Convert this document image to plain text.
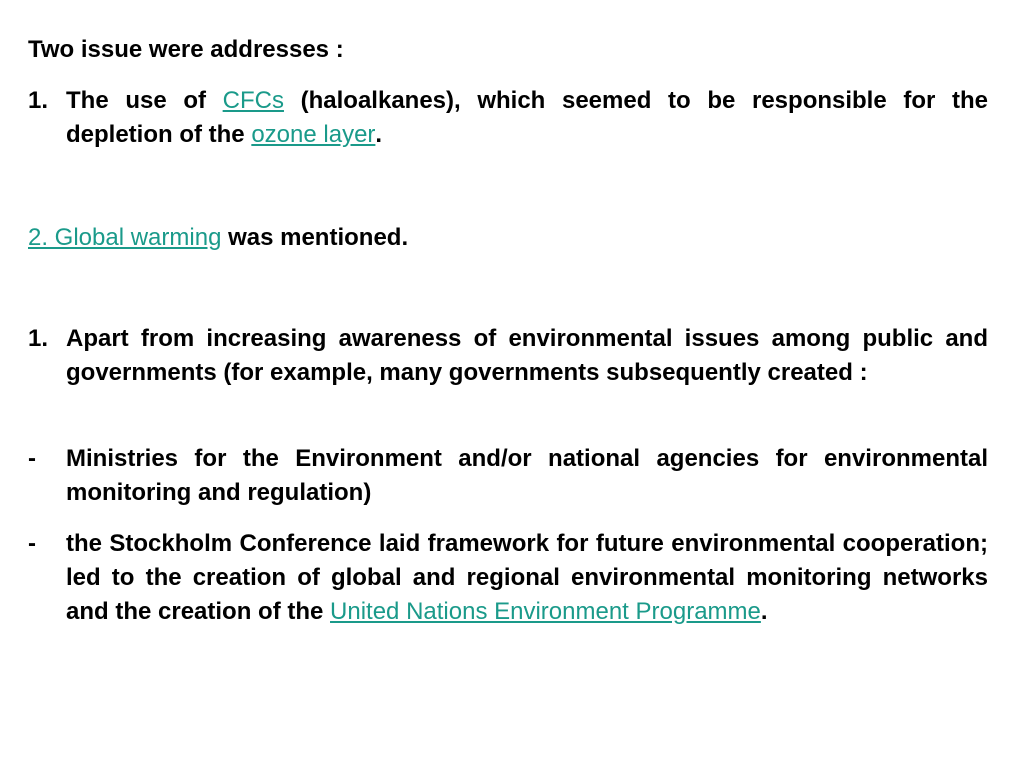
Two issue were addresses :
1. The use of CFCs (haloalkanes), which seemed to be responsible for the depletion of the ozone layer.
2. Global warming was mentioned.
1. Apart from increasing awareness of environmental issues among public and governments (for example, many governments subsequently created :
- Ministries for the Environment and/or national agencies for environmental monitoring and regulation)
- the Stockholm Conference laid framework for future environmental cooperation; led to the creation of global and regional environmental monitoring networks and the creation of the United Nations Environment Programme.
